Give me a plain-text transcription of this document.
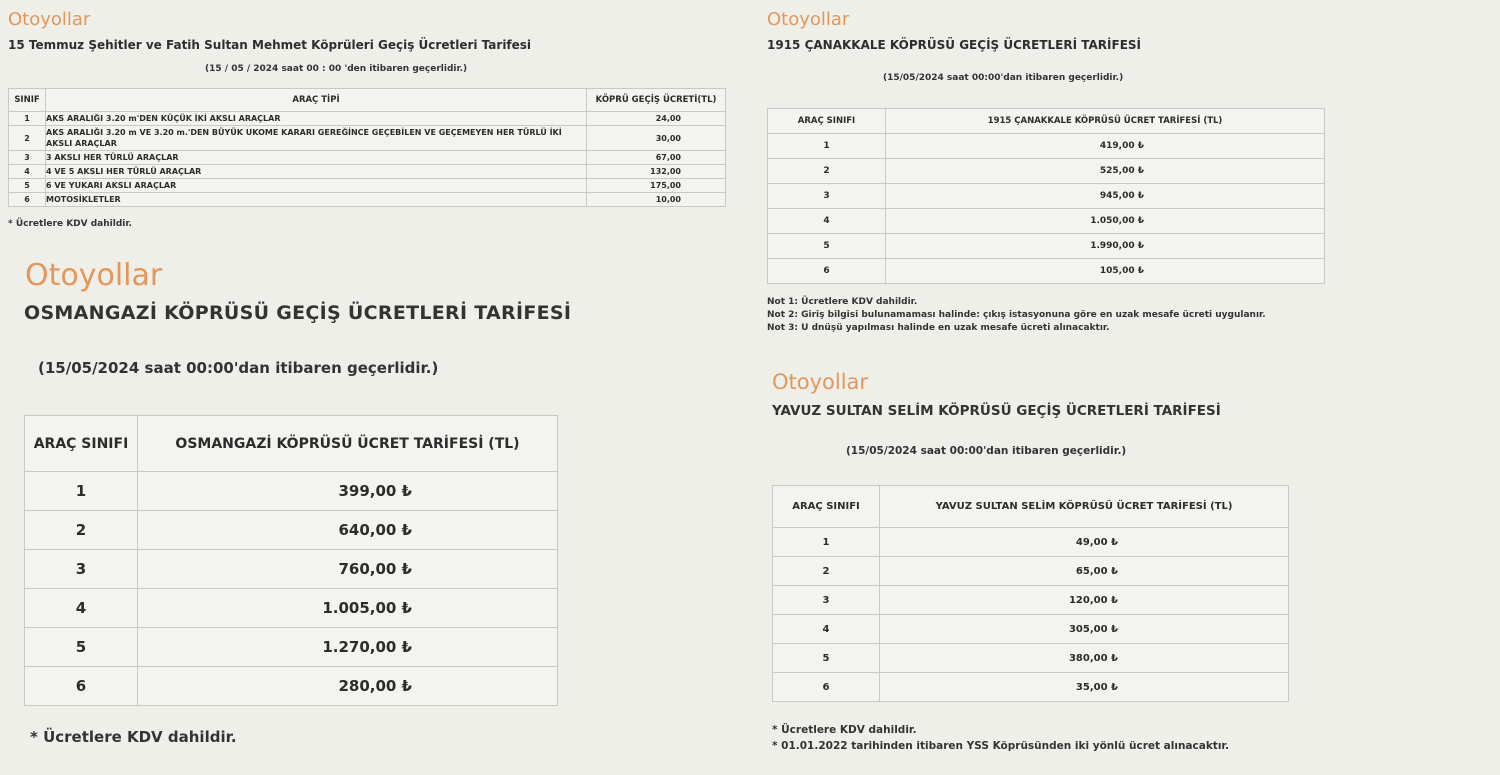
Otoyollar
15 Temmuz Şehitler ve Fatih Sultan Mehmet Köprüleri Geçiş Ücretleri Tarifesi
(15 / 05 / 2024 saat 00 : 00 'den itibaren geçerlidir.)
SINIF	ARAÇ TİPİ	KÖPRÜ GEÇİŞ ÜCRETİ(TL)
1	AKS ARALIĞI 3.20 m'DEN KÜÇÜK İKİ AKSLI ARAÇLAR	24,00
2	AKS ARALIĞI 3.20 m VE 3.20 m.'DEN BÜYÜK UKOME KARARI GEREĞİNCE GEÇEBİLEN VE GEÇEMEYEN HER TÜRLÜ İKİ AKSLI ARAÇLAR	30,00
3	3 AKSLI HER TÜRLÜ ARAÇLAR	67,00
4	4 VE 5 AKSLI HER TÜRLÜ ARAÇLAR	132,00
5	6 VE YUKARI AKSLI ARAÇLAR	175,00
6	MOTOSİKLETLER	10,00
* Ücretlere KDV dahildir.
Otoyollar
OSMANGAZİ KÖPRÜSÜ GEÇİŞ ÜCRETLERİ TARİFESİ
(15/05/2024 saat 00:00'dan itibaren geçerlidir.)
ARAÇ SINIFI	OSMANGAZİ KÖPRÜSÜ ÜCRET TARİFESİ (TL)
1	399,00 ₺
2	640,00 ₺
3	760,00 ₺
4	1.005,00 ₺
5	1.270,00 ₺
6	280,00 ₺
* Ücretlere KDV dahildir.
Otoyollar
1915 ÇANAKKALE KÖPRÜSÜ GEÇİŞ ÜCRETLERİ TARİFESİ
(15/05/2024 saat 00:00'dan itibaren geçerlidir.)
ARAÇ SINIFI	1915 ÇANAKKALE KÖPRÜSÜ ÜCRET TARİFESİ (TL)
1	419,00 ₺
2	525,00 ₺
3	945,00 ₺
4	1.050,00 ₺
5	1.990,00 ₺
6	105,00 ₺
Not 1: Ücretlere KDV dahildir.
Not 2: Giriş bilgisi bulunamaması halinde: çıkış istasyonuna göre en uzak mesafe ücreti uygulanır.
Not 3: U dnüşü yapılması halinde en uzak mesafe ücreti alınacaktır.
Otoyollar
YAVUZ SULTAN SELİM KÖPRÜSÜ GEÇİŞ ÜCRETLERİ TARİFESİ
(15/05/2024 saat 00:00'dan itibaren geçerlidir.)
ARAÇ SINIFI	YAVUZ SULTAN SELİM KÖPRÜSÜ ÜCRET TARİFESİ (TL)
1	49,00 ₺
2	65,00 ₺
3	120,00 ₺
4	305,00 ₺
5	380,00 ₺
6	35,00 ₺
* Ücretlere KDV dahildir.
* 01.01.2022 tarihinden itibaren YSS Köprüsünden iki yönlü ücret alınacaktır.
